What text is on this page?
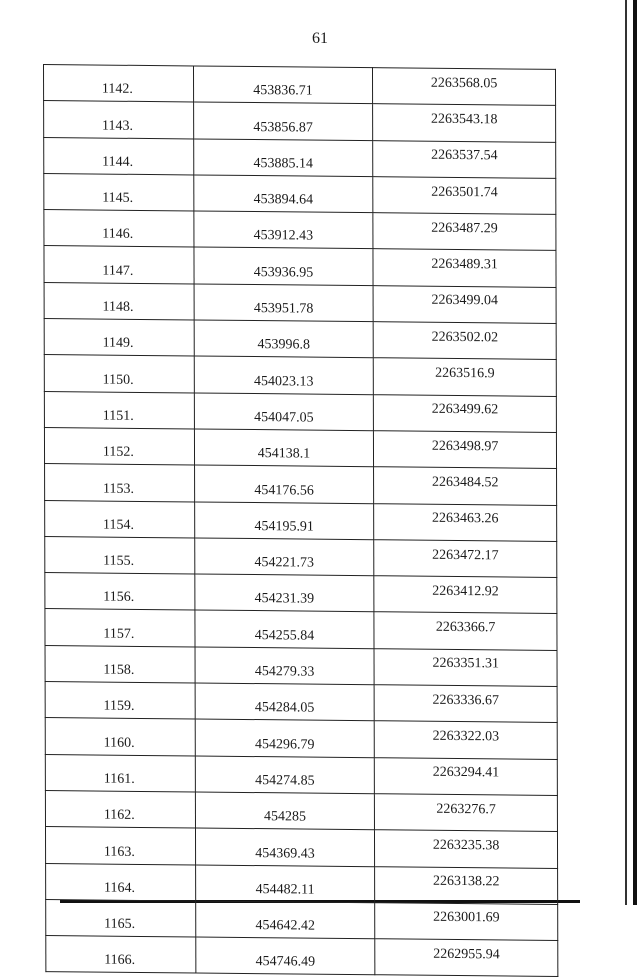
61
1142.	453836.71	2263568.05
1143.	453856.87	2263543.18
1144.	453885.14	2263537.54
1145.	453894.64	2263501.74
1146.	453912.43	2263487.29
1147.	453936.95	2263489.31
1148.	453951.78	2263499.04
1149.	453996.8	2263502.02
1150.	454023.13	2263516.9
1151.	454047.05	2263499.62
1152.	454138.1	2263498.97
1153.	454176.56	2263484.52
1154.	454195.91	2263463.26
1155.	454221.73	2263472.17
1156.	454231.39	2263412.92
1157.	454255.84	2263366.7
1158.	454279.33	2263351.31
1159.	454284.05	2263336.67
1160.	454296.79	2263322.03
1161.	454274.85	2263294.41
1162.	454285	2263276.7
1163.	454369.43	2263235.38
1164.	454482.11	2263138.22
1165.	454642.42	2263001.69
1166.	454746.49	2262955.94
